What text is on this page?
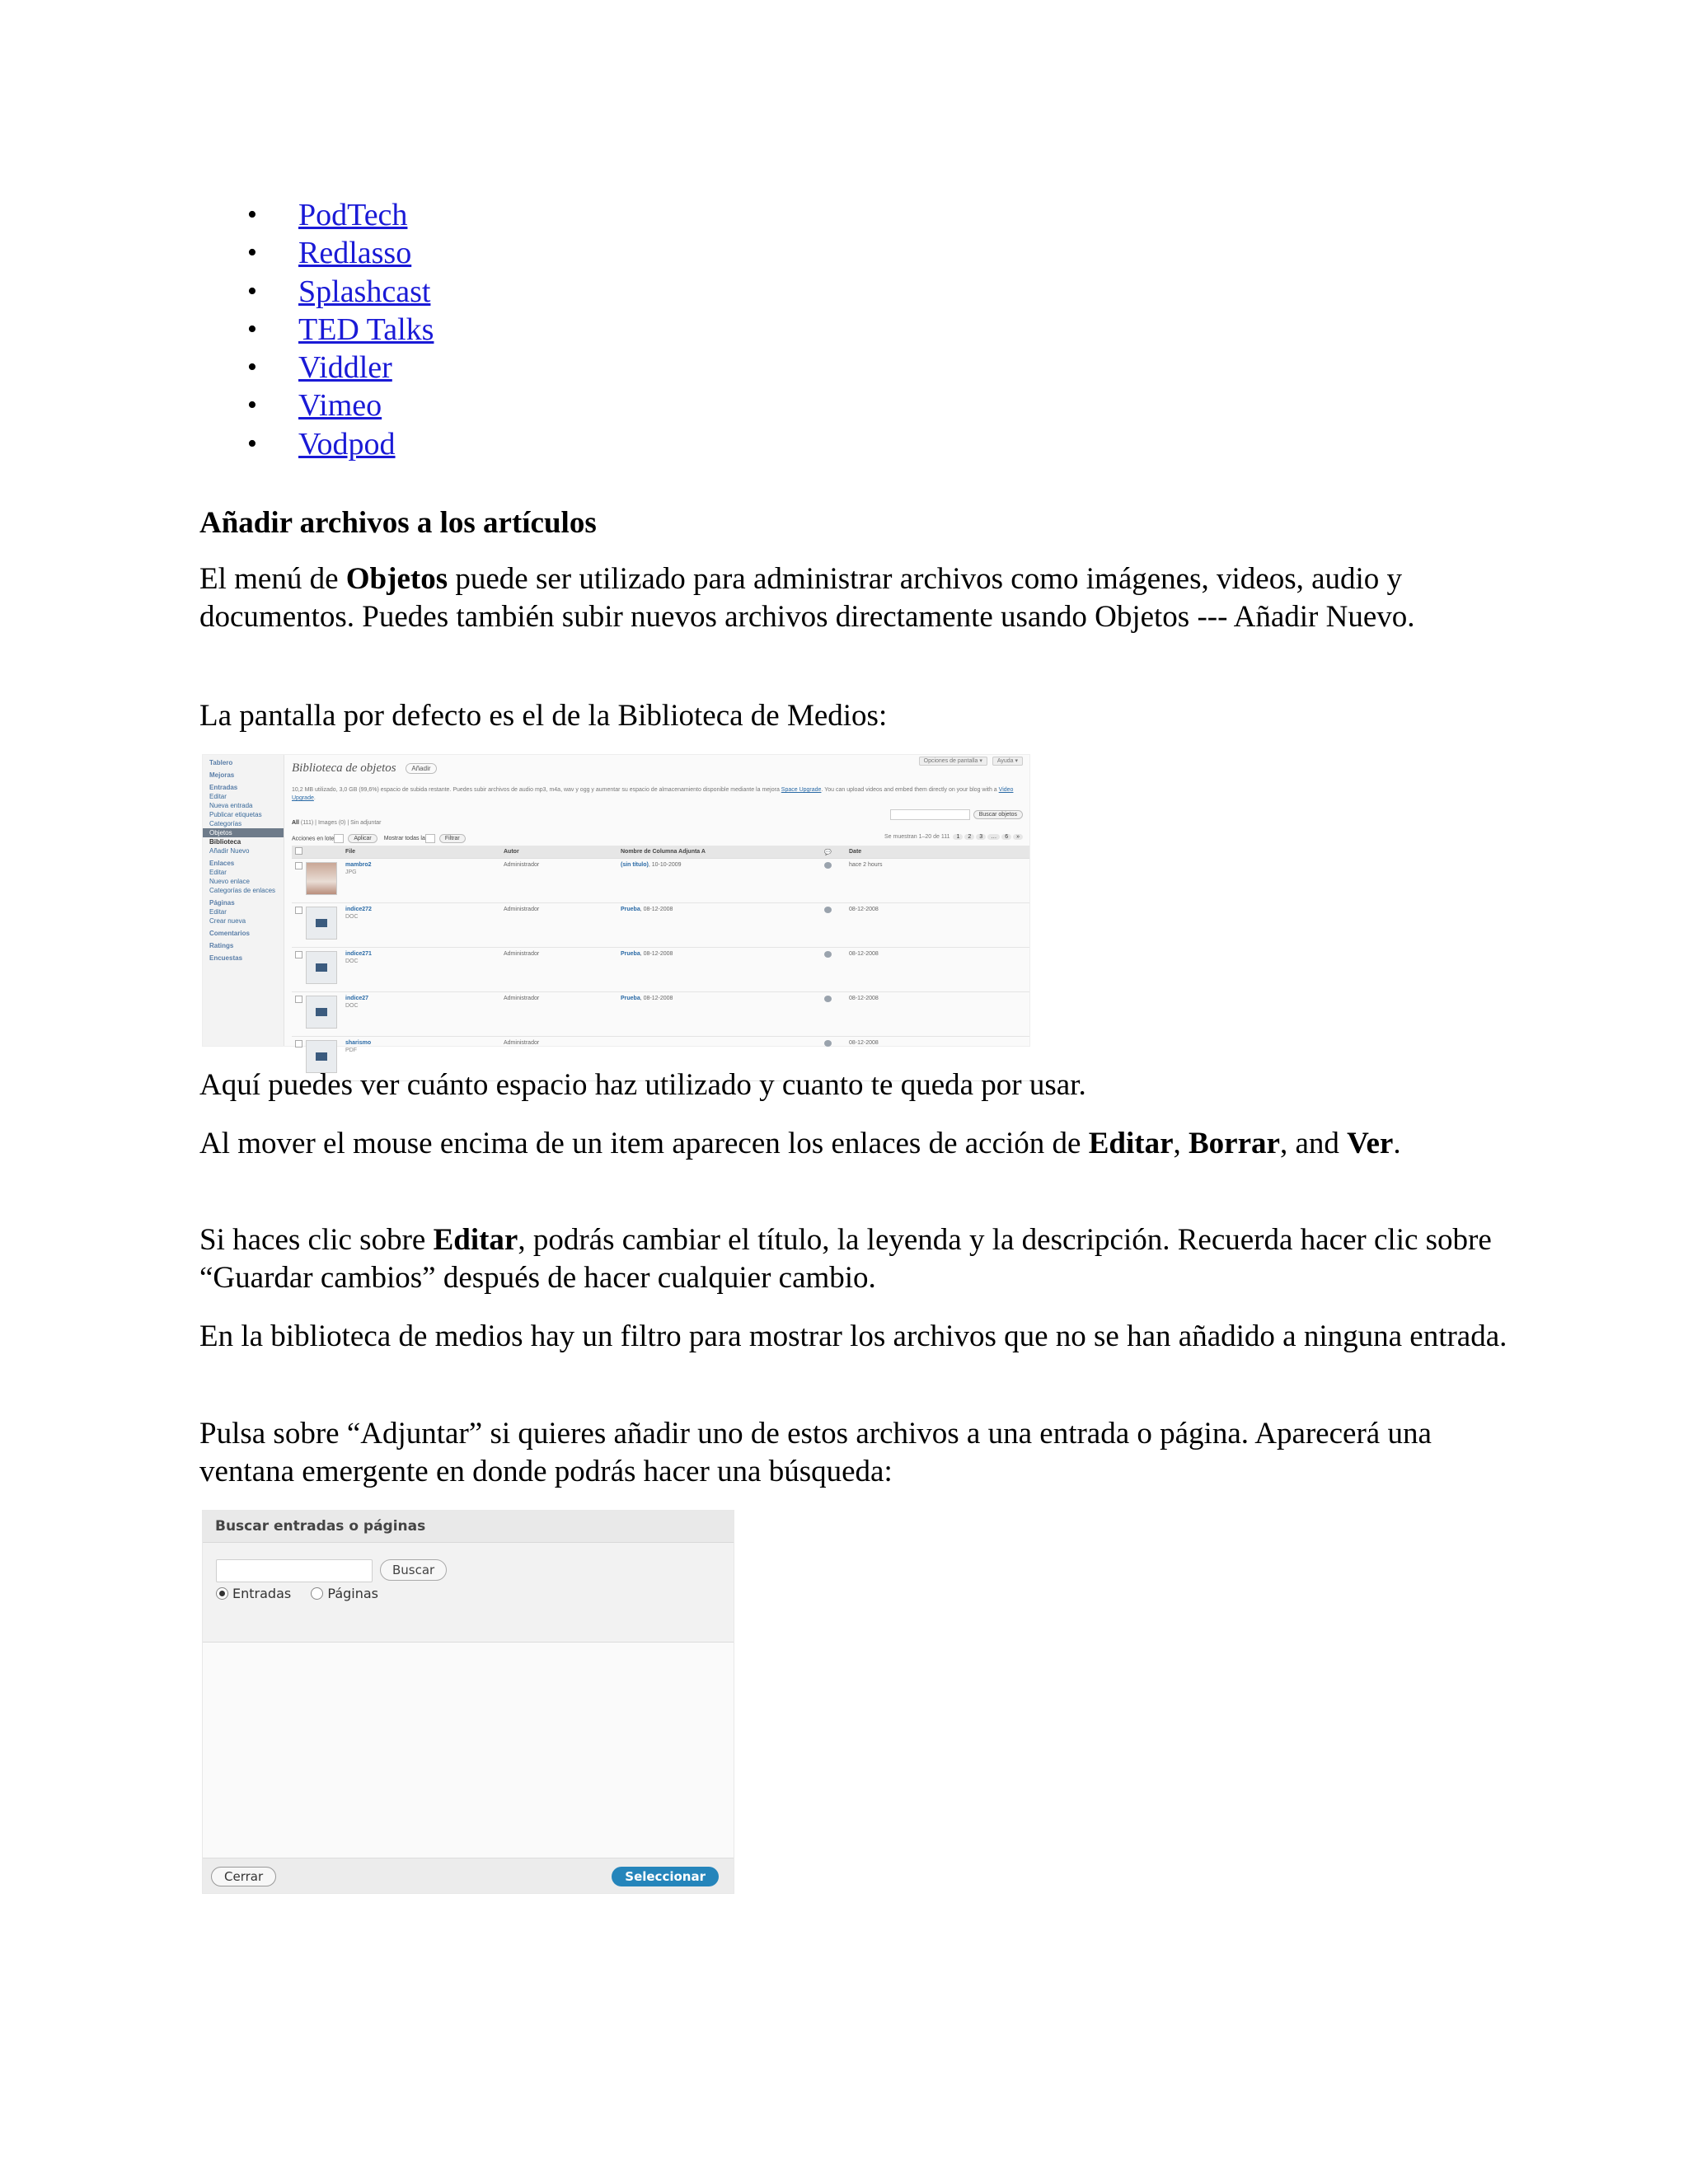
• PodTech
• Redlasso
• Splashcast
• TED Talks
• Viddler
• Vimeo
• Vodpod
Añadir archivos a los artículos

El menú de Objetos puede ser utilizado para administrar archivos como imágenes, videos, audio y documentos. Puedes también subir nuevos archivos directamente usando Objetos --- Añadir Nuevo.

La pantalla por defecto es el de la Biblioteca de Medios:

Tablero
Mejoras
Entradas
Editar
Nueva entrada
Publicar etiquetas
Categorías
Objetos
Biblioteca
Añadir Nuevo
Enlaces
Editar
Nuevo enlace
Categorías de enlaces
Páginas
Editar
Crear nueva
Comentarios
Ratings
Encuestas
Biblioteca de objetos Añadir
Opciones de pantalla ▾	Ayuda ▾
10,2 MB utilizado, 3,0 GB (99,6%) espacio de subida restante. Puedes subir archivos de audio mp3, m4a, wav y ogg y aumentar su espacio de almacenamiento disponible mediante la mejora Space Upgrade. You can upload videos and embed them directly on your blog with a Video Upgrade.
Buscar objetos
All (111) | Images (0) | Sin adjuntar
Acciones en lote	Aplicar Mostrar todas la	Filtrar	Se muestran 1–20 de 111 1 2 3 … 6 »
		File	Autor	Nombre de Columna Adjunta A	💬	Date
		mambro2
JPG	Administrador	(sin título), 10-10-2009		hace 2 hours

	indice272
DOC	Administrador	Prueba, 08-12-2008		08-12-2008

	indice271
DOC	Administrador	Prueba, 08-12-2008		08-12-2008

	indice27
DOC	Administrador	Prueba, 08-12-2008		08-12-2008

	sharismo
PDF	Administrador			08-12-2008

Aquí puedes ver cuánto espacio haz utilizado y cuanto te queda por usar.

Al mover el mouse encima de un item aparecen los enlaces de acción de Editar, Borrar, and Ver.

Si haces clic sobre Editar, podrás cambiar el título, la leyenda y la descripción. Recuerda hacer clic sobre “Guardar cambios” después de hacer cualquier cambio.

En la biblioteca de medios hay un filtro para mostrar los archivos que no se han añadido a ninguna entrada.

Pulsa sobre “Adjuntar” si quieres añadir uno de estos archivos a una entrada o página. Aparecerá una ventana emergente en donde podrás hacer una búsqueda:

Buscar entradas o páginas
Buscar
Entradas	Páginas
Cerrar	Seleccionar
